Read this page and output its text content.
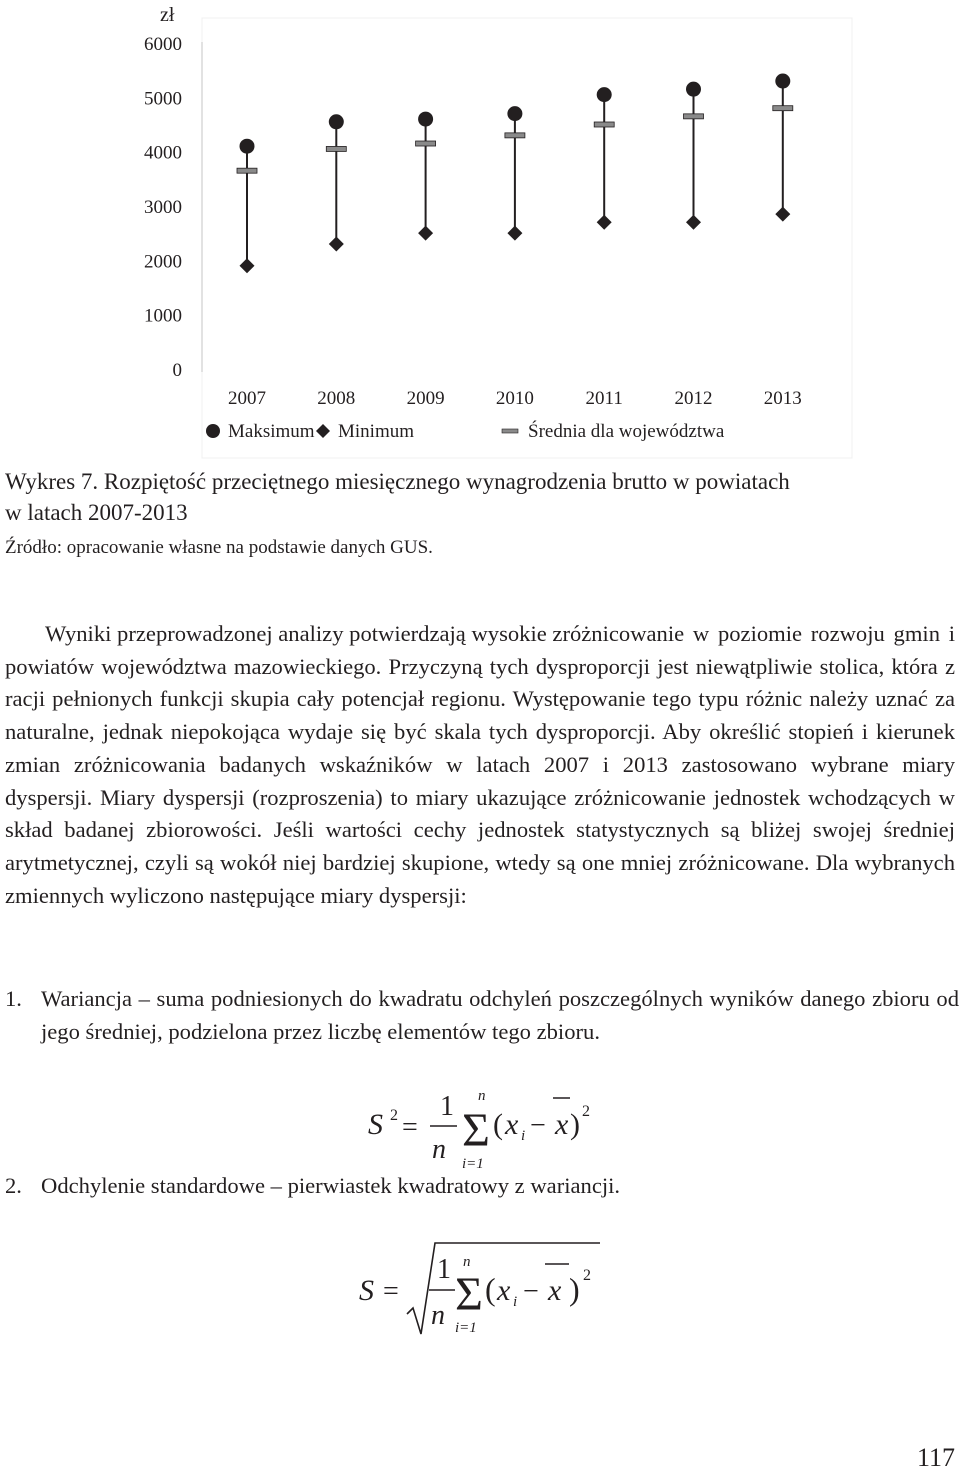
zł
0
1000
2000
3000
4000
5000
6000
2007	2008	2009	2010	2011	2012	2013
Maksimum Minimum	Średnia dla województwa
Wykres 7. Rozpiętość przeciętnego miesięcznego wynagrodzenia brutto w powiatach
w latach 2007-2013
Źródło: opracowanie własne na podstawie danych GUS.

Wyniki przeprowadzonej analizy potwierdzają wysokie zróżnicowanie w poziomie rozwoju gmin i powiatów województwa mazowieckiego. Przyczyną tych dysproporcji jest niewątpliwie stolica, która z racji pełnionych funkcji skupia cały potencjał regionu. Występowanie tego typu różnic należy uznać za naturalne, jednak niepokojąca wydaje się być skala tych dysproporcji. Aby określić stopień i kierunek zmian zróżnicowania badanych wskaźników w latach 2007 i 2013 zastosowano wybrane miary dyspersji. Miary dyspersji (rozproszenia) to miary ukazujące zróżnicowanie jednostek wchodzących w skład badanej zbiorowości. Jeśli wartości cechy jednostek statystycznych są bliżej swojej średniej arytmetycznej, czyli są wokół niej bardziej skupione, wtedy są one mniej zróżnicowane. Dla wybranych zmiennych wyliczono następujące miary dyspersji:

1. Wariancja – suma podniesionych do kwadratu odchyleń poszczególnych wyników danego zbioru od jego średniej, podzielona przez liczbę elementów tego zbioru.
S 2 =
1
n Σ
n
i=1
( x i − x ) 2
2. Odchylenie standardowe – pierwiastek kwadratowy z wariancji.
S =
1
n Σ
n
i=1
( x i − x ) 2
117
